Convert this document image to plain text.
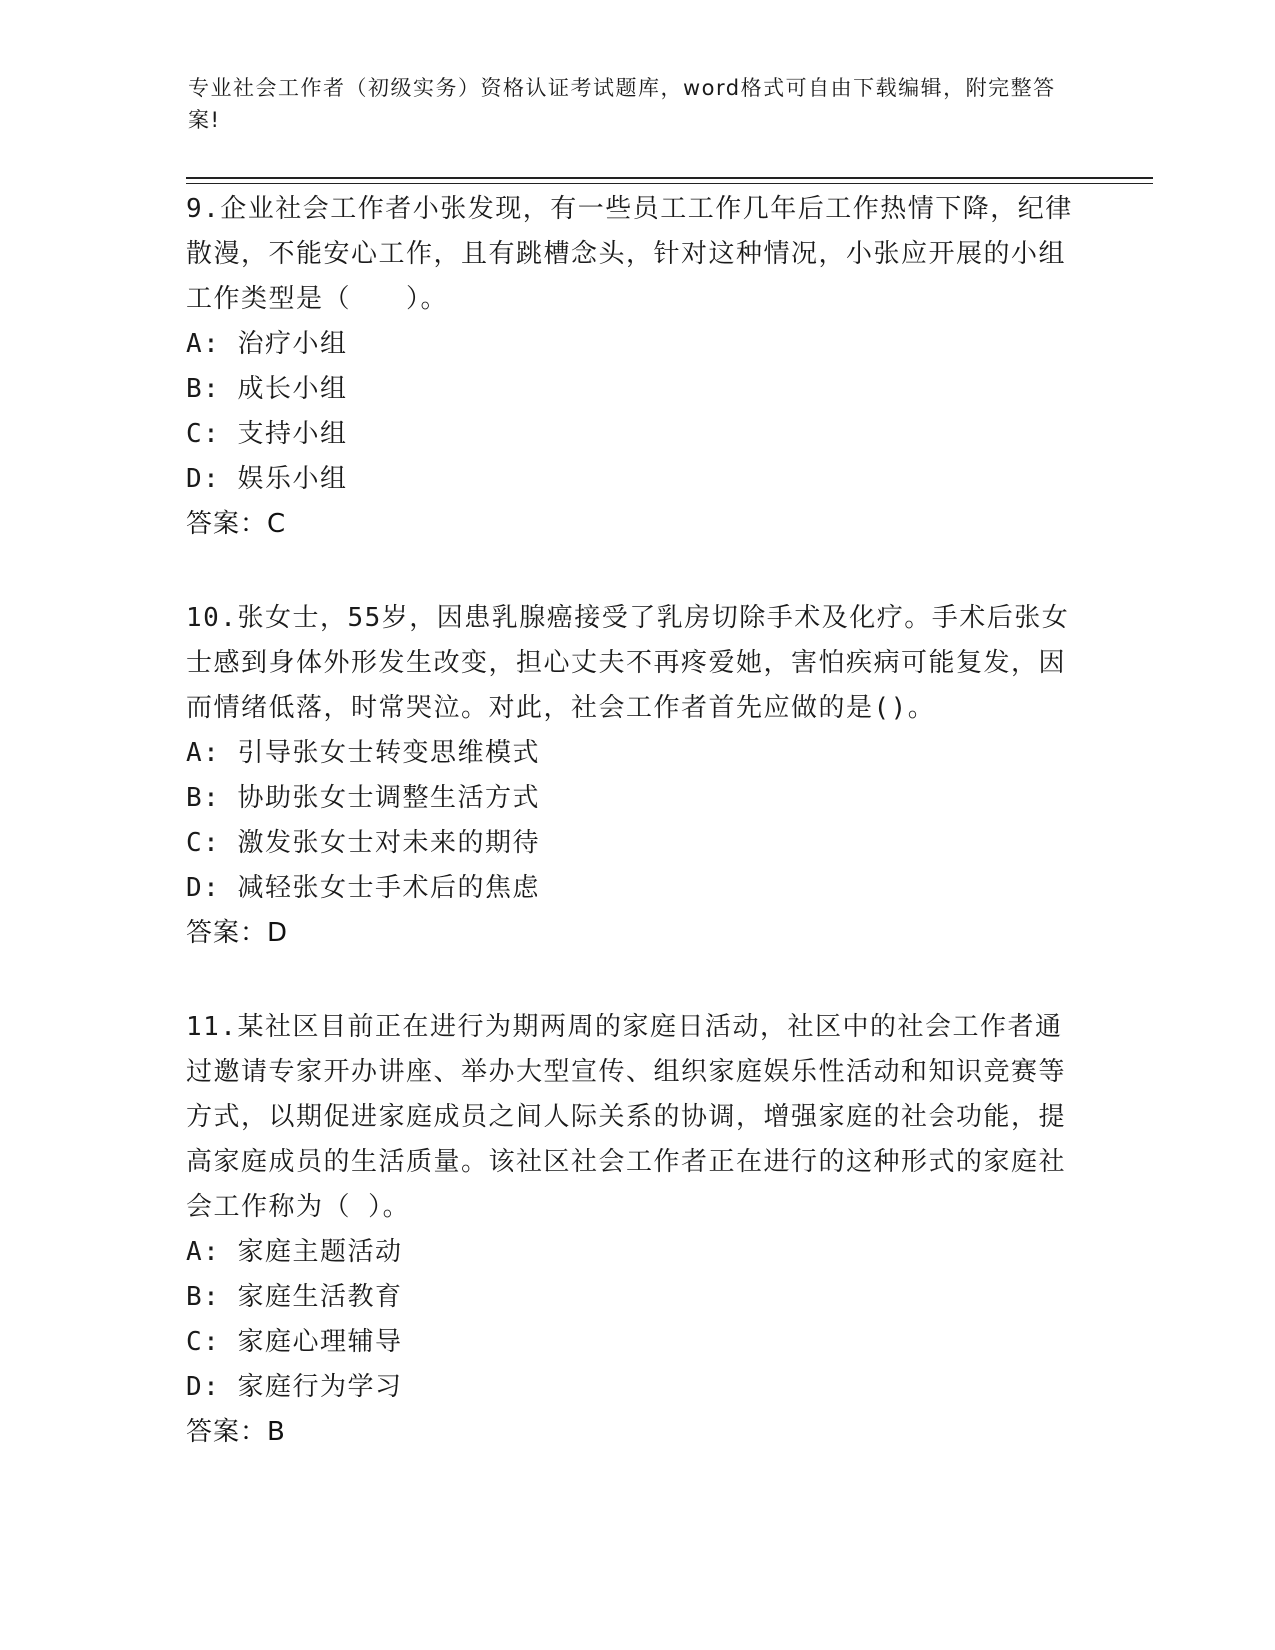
专业社会工作者（初级实务）资格认证考试题库，word格式可自由下载编辑，附完整答案!

9.企业社会工作者小张发现，有一些员工工作几年后工作热情下降，纪律散漫，不能安心工作，且有跳槽念头，针对这种情况，小张应开展的小组工作类型是（　　）。

A: 治疗小组

B: 成长小组

C: 支持小组

D: 娱乐小组

答案：C

10.张女士，55岁，因患乳腺癌接受了乳房切除手术及化疗。手术后张女士感到身体外形发生改变，担心丈夫不再疼爱她，害怕疾病可能复发，因而情绪低落，时常哭泣。对此，社会工作者首先应做的是()。

A: 引导张女士转变思维模式

B: 协助张女士调整生活方式

C: 激发张女士对未来的期待

D: 减轻张女士手术后的焦虑

答案：D

11.某社区目前正在进行为期两周的家庭日活动，社区中的社会工作者通过邀请专家开办讲座、举办大型宣传、组织家庭娱乐性活动和知识竞赛等方式，以期促进家庭成员之间人际关系的协调，增强家庭的社会功能，提高家庭成员的生活质量。该社区社会工作者正在进行的这种形式的家庭社会工作称为（ ）。

A: 家庭主题活动

B: 家庭生活教育

C: 家庭心理辅导

D: 家庭行为学习

答案：B
